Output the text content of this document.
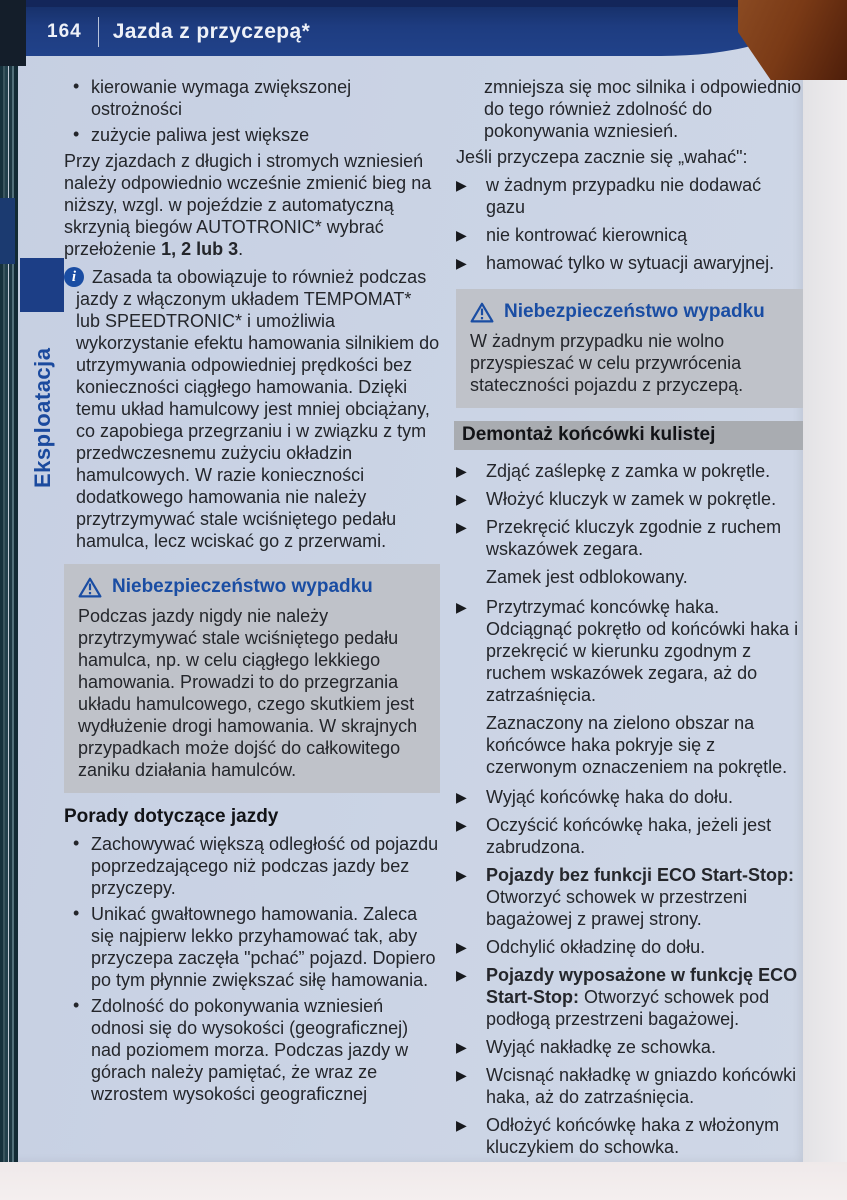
164 Jazda z przyczepą*
Eksploatacja
• kierowanie wymaga zwiększonej ostrożności
• zużycie paliwa jest większe

Przy zjazdach z długich i stromych wzniesień należy odpowiednio wcześnie zmienić bieg na niższy, wzgl. w pojeździe z automatyczną skrzynią biegów AUTOTRONIC* wybrać przełożenie 1, 2 lub 3.

i Zasada ta obowiązuje to również podczas jazdy z włączonym układem TEMPOMAT* lub SPEEDTRONIC* i umożliwia wykorzystanie efektu hamowania silnikiem do utrzymywania odpowiedniej prędkości bez konieczności ciągłego hamowania. Dzięki temu układ hamulcowy jest mniej obciążany, co zapobiega przegrzaniu i w związku z tym przedwczesnemu zużyciu okładzin hamulcowych. W razie konieczności dodatkowego hamowania nie należy przytrzymywać stale wciśniętego pedału hamulca, lecz wciskać go z przerwami.
Niebezpieczeństwo wypadku

Podczas jazdy nigdy nie należy przytrzymywać stale wciśniętego pedału hamulca, np. w celu ciągłego lekkiego hamowania. Prowadzi to do przegrzania układu hamulcowego, czego skutkiem jest wydłużenie drogi hamowania. W skrajnych przypadkach może dojść do całkowitego zaniku działania hamulców.

Porady dotyczące jazdy
• Zachowywać większą odległość od pojazdu poprzedzającego niż podczas jazdy bez przyczepy.
• Unikać gwałtownego hamowania. Zaleca się najpierw lekko przyhamować tak, aby przyczepa zaczęła "pchać” pojazd. Dopiero po tym płynnie zwiększać siłę hamowania.
• Zdolność do pokonywania wzniesień odnosi się do wysokości (geograficznej) nad poziomem morza. Podczas jazdy w górach należy pamiętać, że wraz ze wzrostem wysokości geograficznej

zmniejsza się moc silnika i odpowiednio do tego również zdolność do pokonywania wzniesień.

Jeśli przyczepa zacznie się „wahać":

▶ w żadnym przypadku nie dodawać gazu
▶ nie kontrować kierownicą
▶ hamować tylko w sytuacji awaryjnej.
Niebezpieczeństwo wypadku

W żadnym przypadku nie wolno przyspieszać w celu przywrócenia stateczności pojazdu z przyczepą.

Demontaż końcówki kulistej
▶ Zdjąć zaślepkę z zamka w pokrętle.
▶ Włożyć kluczyk w zamek w pokrętle.
▶ Przekręcić kluczyk zgodnie z ruchem wskazówek zegara.
Zamek jest odblokowany.
▶ Przytrzymać koncówkę haka. Odciągnąć pokrętło od końcówki haka i przekręcić w kierunku zgodnym z ruchem wskazówek zegara, aż do zatrzaśnięcia.
Zaznaczony na zielono obszar na końcówce haka pokryje się z czerwonym oznaczeniem na pokrętle.
▶ Wyjąć końcówkę haka do dołu.
▶ Oczyścić końcówkę haka, jeżeli jest zabrudzona.
▶ Pojazdy bez funkcji ECO Start-Stop: Otworzyć schowek w przestrzeni bagażowej z prawej strony.
▶ Odchylić okładzinę do dołu.
▶ Pojazdy wyposażone w funkcję ECO Start-Stop: Otworzyć schowek pod podłogą przestrzeni bagażowej.
▶ Wyjąć nakładkę ze schowka.
▶ Wcisnąć nakładkę w gniazdo końcówki haka, aż do zatrzaśnięcia.
▶ Odłożyć końcówkę haka z włożonym kluczykiem do schowka.
